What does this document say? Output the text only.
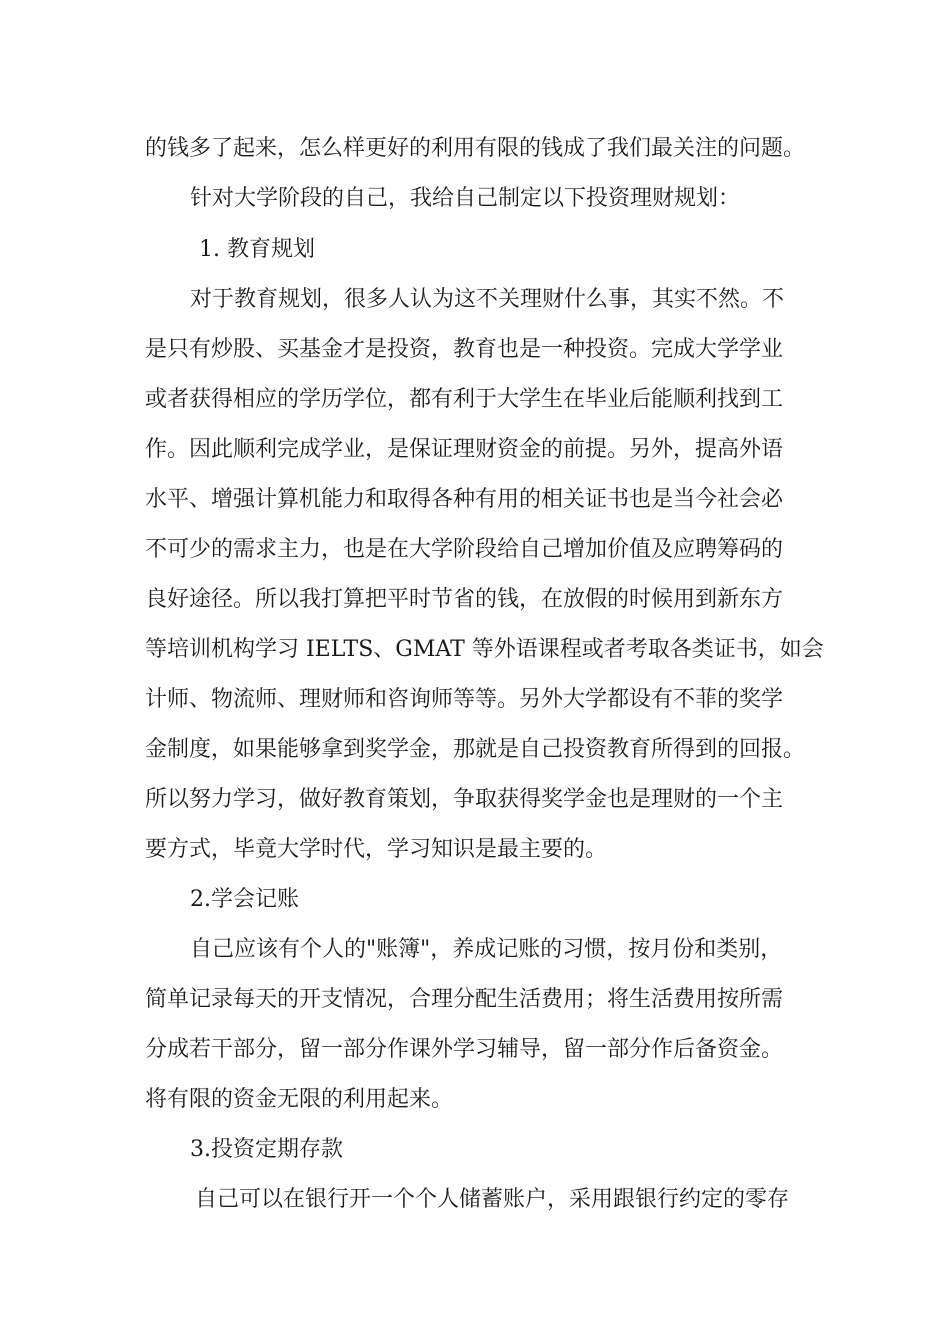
的钱多了起来，怎么样更好的利用有限的钱成了我们最关注的问题。
针对大学阶段的自己，我给自己制定以下投资理财规划：
1. 教育规划
对于教育规划，很多人认为这不关理财什么事，其实不然。不
是只有炒股、买基金才是投资，教育也是一种投资。完成大学学业
或者获得相应的学历学位，都有利于大学生在毕业后能顺利找到工
作。因此顺利完成学业，是保证理财资金的前提。另外，提高外语
水平、增强计算机能力和取得各种有用的相关证书也是当今社会必
不可少的需求主力，也是在大学阶段给自己增加价值及应聘筹码的
良好途径。所以我打算把平时节省的钱，在放假的时候用到新东方
等培训机构学习 IELTS、GMAT 等外语课程或者考取各类证书，如会
计师、物流师、理财师和咨询师等等。另外大学都设有不菲的奖学
金制度，如果能够拿到奖学金，那就是自己投资教育所得到的回报。
所以努力学习，做好教育策划，争取获得奖学金也是理财的一个主
要方式，毕竟大学时代，学习知识是最主要的。
2.学会记账
自己应该有个人的"账簿"，养成记账的习惯，按月份和类别，
简单记录每天的开支情况，合理分配生活费用；将生活费用按所需
分成若干部分，留一部分作课外学习辅导，留一部分作后备资金。
将有限的资金无限的利用起来。
3.投资定期存款
自己可以在银行开一个个人储蓄账户，采用跟银行约定的零存
